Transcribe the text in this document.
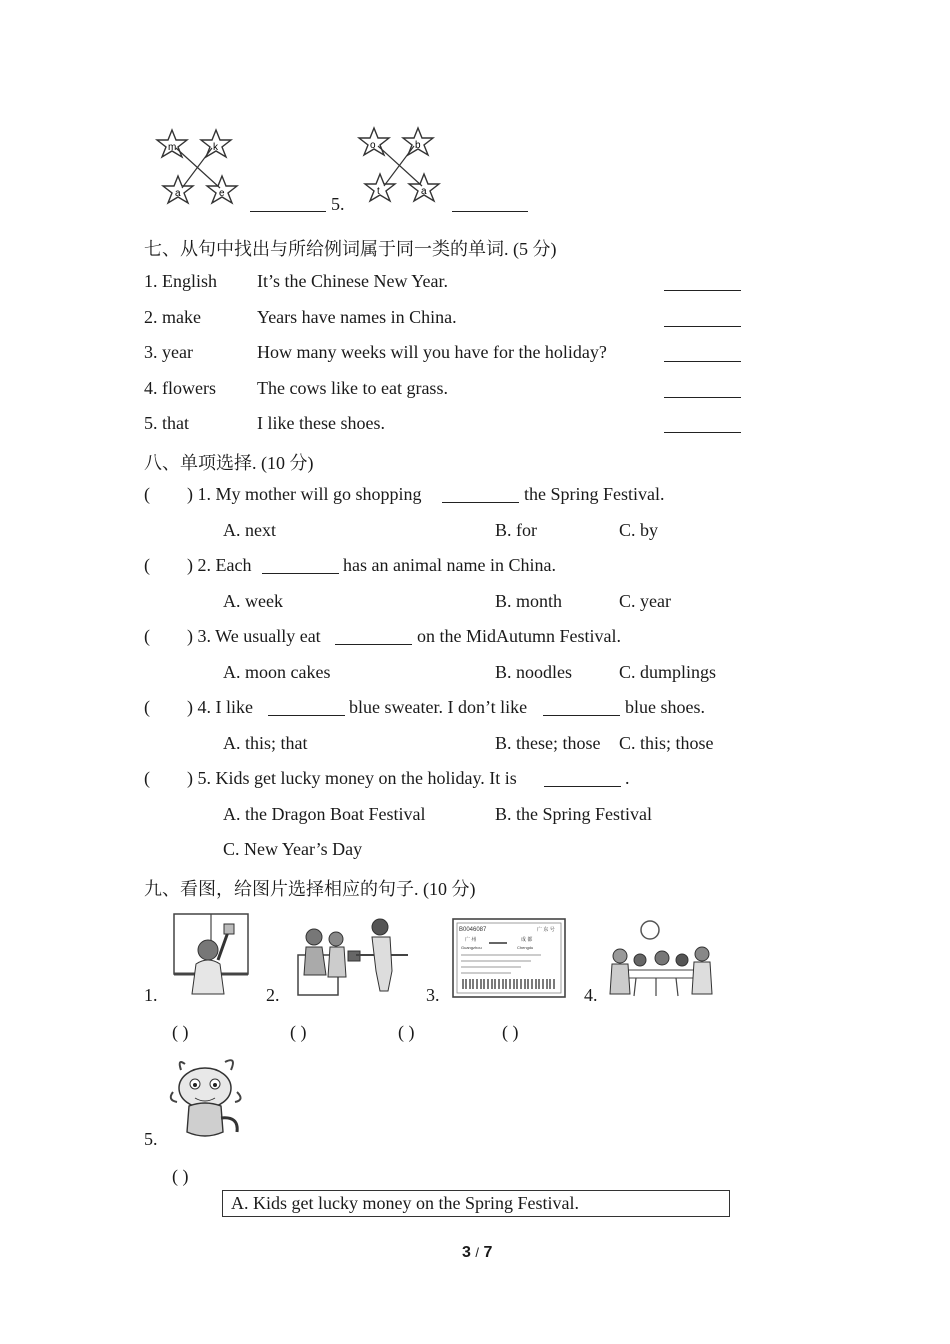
m	k
a	e
5.
o	b
t	a
七、从句中找出与所给例词属于同一类的单词. (5 分)
1. English It’s the Chinese New Year.
2. make	Years have names in China.
3. year	How many weeks will you have for the holiday?
4. flowers The cows like to eat grass.
5. that	I like these shoes.
八、单项选择. (10 分)
( ) 1. My mother will go shopping	the Spring Festival.
A. next	B. for	C. by
( ) 2. Each	has an animal name in China.
A. week	B. month	C. year
( ) 3. We usually eat	on the MidAutumn Festival.
A. moon cakes	B. noodles	C. dumplings
( ) 4. I like	blue sweater. I don’t like	blue shoes.
A. this; that	B. these; those C. this; those
( ) 5. Kids get lucky money on the holiday. It is	.
A. the Dragon Boat Festival	B. the Spring Festival
C. New Year’s Day
九、看图，给图片选择相应的句子. (10 分)
1.	2.	3.
B0046087
广 州	成 都
广 东 号
Guangzhou	Chengdu
4.
( )	( )	( )	( )
5.
( )
A. Kids get lucky money on the Spring Festival.
3 / 7
